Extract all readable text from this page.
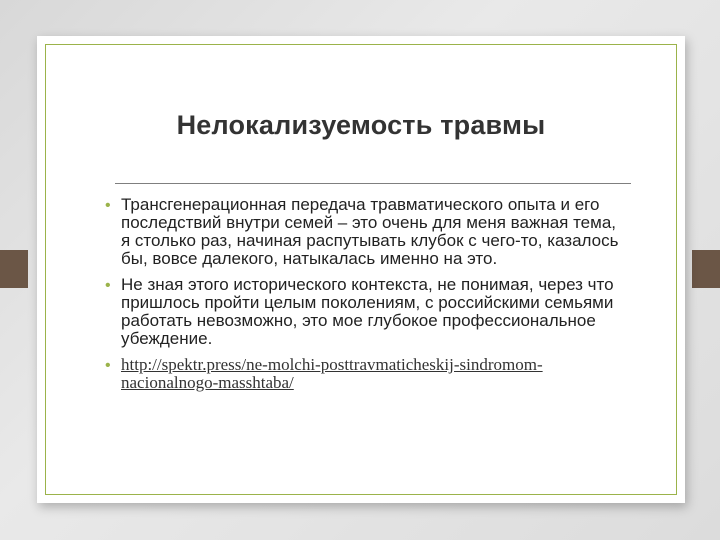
Нелокализуемость травмы
• Трансгенерационная передача травматического опыта и его последствий внутри семей – это очень для меня важная тема, я столько раз, начиная распутывать клубок с чего-то, казалось бы, вовсе далекого, натыкалась именно на это.
• Не зная этого исторического контекста, не понимая, через что пришлось пройти целым поколениям, с российскими семьями работать невозможно, это мое глубокое профессиональное убеждение.
• http://spektr.press/ne-molchi-posttravmaticheskij-sindromom-nacionalnogo-masshtaba/
